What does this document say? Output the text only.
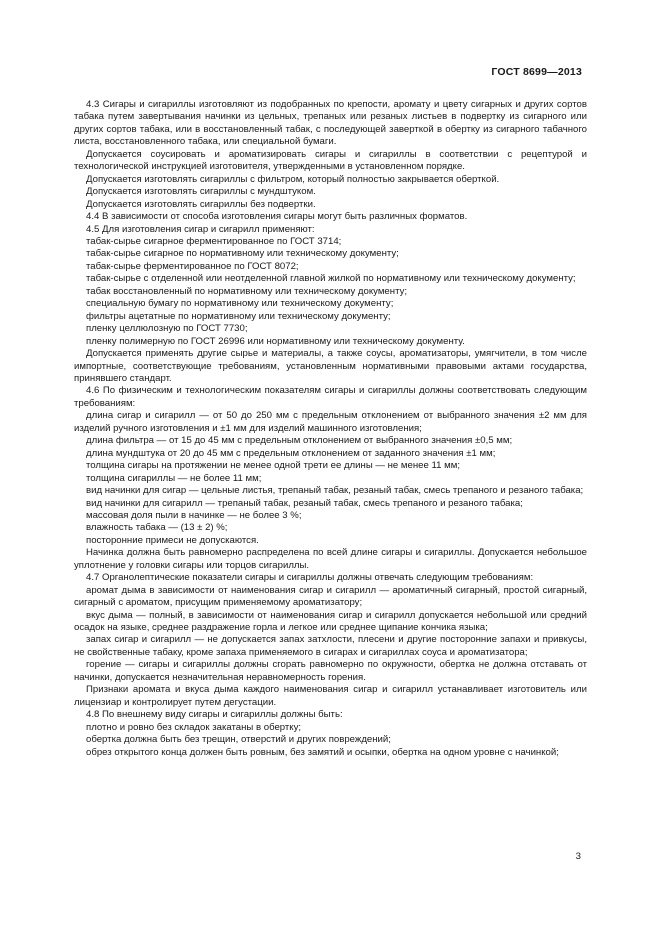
ГОСТ 8699—2013

4.3 Сигары и сигариллы изготовляют из подобранных по крепости, аромату и цвету сигарных и других сортов табака путем завертывания начинки из цельных, трепаных или резаных листьев в подвертку из сигарного или других сортов табака, или в восстановленный табак, с последующей заверткой в обертку из сигарного табачного листа, восстановленного табака, или специальной бумаги.

Допускается соусировать и ароматизировать сигары и сигариллы в соответствии с рецептурой и технологической инструкцией изготовителя, утвержденными в установленном порядке.

Допускается изготовлять сигариллы с фильтром, который полностью закрывается оберткой.

Допускается изготовлять сигариллы с мундштуком.

Допускается изготовлять сигариллы без подвертки.

4.4 В зависимости от способа изготовления сигары могут быть различных форматов.

4.5 Для изготовления сигар и сигарилл применяют:

табак-сырье сигарное ферментированное по ГОСТ 3714;

табак-сырье сигарное по нормативному или техническому документу;

табак-сырье ферментированное по ГОСТ 8072;

табак-сырье с отделенной или неотделенной главной жилкой по нормативному или техническому документу;

табак восстановленный по нормативному или техническому документу;

специальную бумагу по нормативному или техническому документу;

фильтры ацетатные по нормативному или техническому документу;

пленку целлюлозную по ГОСТ 7730;

пленку полимерную по ГОСТ 26996 или нормативному или техническому документу.

Допускается применять другие сырье и материалы, а также соусы, ароматизаторы, умягчители, в том числе импортные, соответствующие требованиям, установленным нормативными правовыми актами государства, принявшего стандарт.

4.6 По физическим и технологическим показателям сигары и сигариллы должны соответствовать следующим требованиям:

длина сигар и сигарилл — от 50 до 250 мм с предельным отклонением от выбранного значения ±2 мм для изделий ручного изготовления и ±1 мм для изделий машинного изготовления;

длина фильтра — от 15 до 45 мм с предельным отклонением от выбранного значения ±0,5 мм;

длина мундштука от 20 до 45 мм с предельным отклонением от заданного значения ±1 мм;

толщина сигары на протяжении не менее одной трети ее длины — не менее 11 мм;

толщина сигариллы — не более 11 мм;

вид начинки для сигар — цельные листья, трепаный табак, резаный табак, смесь трепаного и резаного табака;

вид начинки для сигарилл — трепаный табак, резаный табак, смесь трепаного и резаного табака;

массовая доля пыли в начинке — не более 3 %;

влажность табака — (13 ± 2) %;

посторонние примеси не допускаются.

Начинка должна быть равномерно распределена по всей длине сигары и сигариллы. Допускается небольшое уплотнение у головки сигары или торцов сигариллы.

4.7 Органолептические показатели сигары и сигариллы должны отвечать следующим требованиям:

аромат дыма в зависимости от наименования сигар и сигарилл — ароматичный сигарный, простой сигарный, сигарный с ароматом, присущим применяемому ароматизатору;

вкус дыма — полный, в зависимости от наименования сигар и сигарилл допускается небольшой или средний осадок на языке, среднее раздражение горла и легкое или среднее щипание кончика языка;

запах сигар и сигарилл — не допускается запах затхлости, плесени и другие посторонние запахи и привкусы, не свойственные табаку, кроме запаха применяемого в сигарах и сигариллах соуса и ароматизатора;

горение — сигары и сигариллы должны сгорать равномерно по окружности, обертка не должна отставать от начинки, допускается незначительная неравномерность горения.

Признаки аромата и вкуса дыма каждого наименования сигар и сигарилл устанавливает изготовитель или лицензиар и контролирует путем дегустации.

4.8 По внешнему виду сигары и сигариллы должны быть:

плотно и ровно без складок закатаны в обертку;

обертка должна быть без трещин, отверстий и других повреждений;

обрез открытого конца должен быть ровным, без замятий и осыпки, обертка на одном уровне с начинкой;

3
